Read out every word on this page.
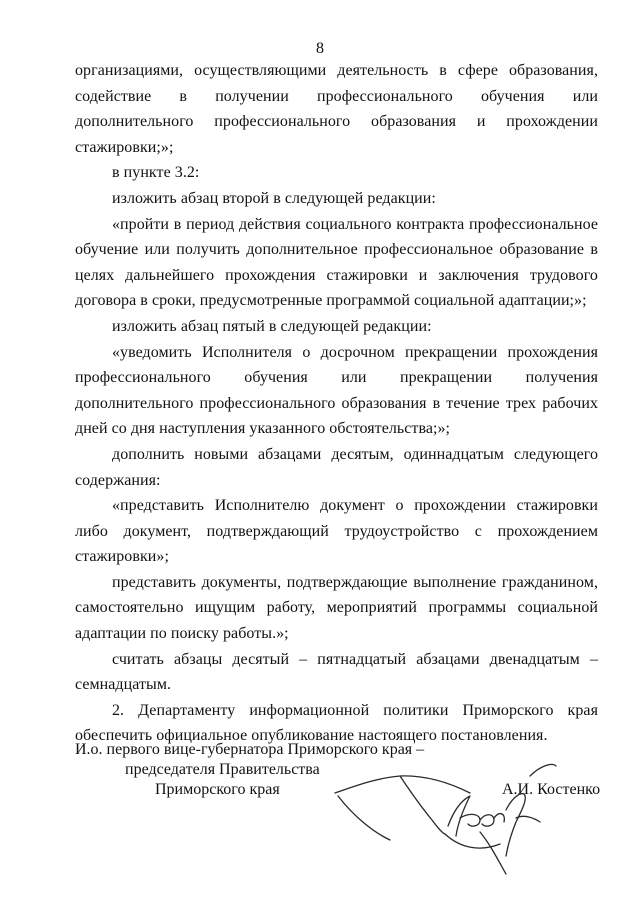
8

организациями, осуществляющими деятельность в сфере образования, содействие в получении профессионального обучения или дополнительного профессионального образования и прохождении стажировки;»;

в пункте 3.2:

изложить абзац второй в следующей редакции:

«пройти в период действия социального контракта профессиональное обучение или получить дополнительное профессиональное образование в целях дальнейшего прохождения стажировки и заключения трудового договора в сроки, предусмотренные программой социальной адаптации;»;

изложить абзац пятый в следующей редакции:

«уведомить Исполнителя о досрочном прекращении прохождения профессионального обучения или прекращении получения дополнительного профессионального образования в течение трех рабочих дней со дня наступления указанного обстоятельства;»;

дополнить новыми абзацами десятым, одиннадцатым следующего содержания:

«представить Исполнителю документ о прохождении стажировки либо документ, подтверждающий трудоустройство с прохождением стажировки»;

представить документы, подтверждающие выполнение гражданином, самостоятельно ищущим работу, мероприятий программы социальной адаптации по поиску работы.»;

считать абзацы десятый – пятнадцатый абзацами двенадцатым – семнадцатым.

2. Департаменту информационной политики Приморского края обеспечить официальное опубликование настоящего постановления.

И.о. первого вице-губернатора Приморского края –
председателя Правительства
Приморского края	А.И. Костенко
